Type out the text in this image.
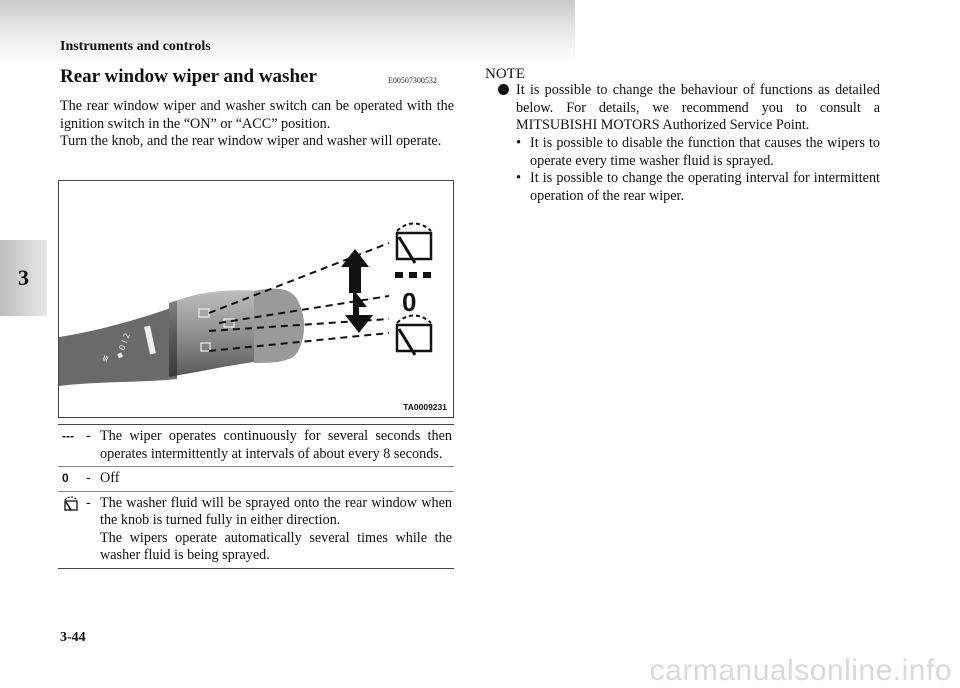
Instruments and controls
3
Rear window wiper and washer	E00507300532

The rear window wiper and washer switch can be operated with the ignition switch in the “ON” or “ACC” position.

Turn the knob, and the rear window wiper and washer will operate.

≋ ◆ 0 I 2
0
TA0009231
---	-	The wiper operates continuously for several seconds then operates intermittently at intervals of about every 8 seconds.

0	-	Off

	-	The washer fluid will be sprayed onto the rear window when the knob is turned fully in either direction.

The wipers operate automatically several times while the washer fluid is being sprayed.

NOTE
It is possible to change the behaviour of functions as detailed below. For details, we recommend you to consult a MITSUBISHI MOTORS Authorized Service Point.
• It is possible to disable the function that causes the wipers to operate every time washer fluid is sprayed.
• It is possible to change the operating interval for intermittent operation of the rear wiper.
3-44
carmanualsonline.info
